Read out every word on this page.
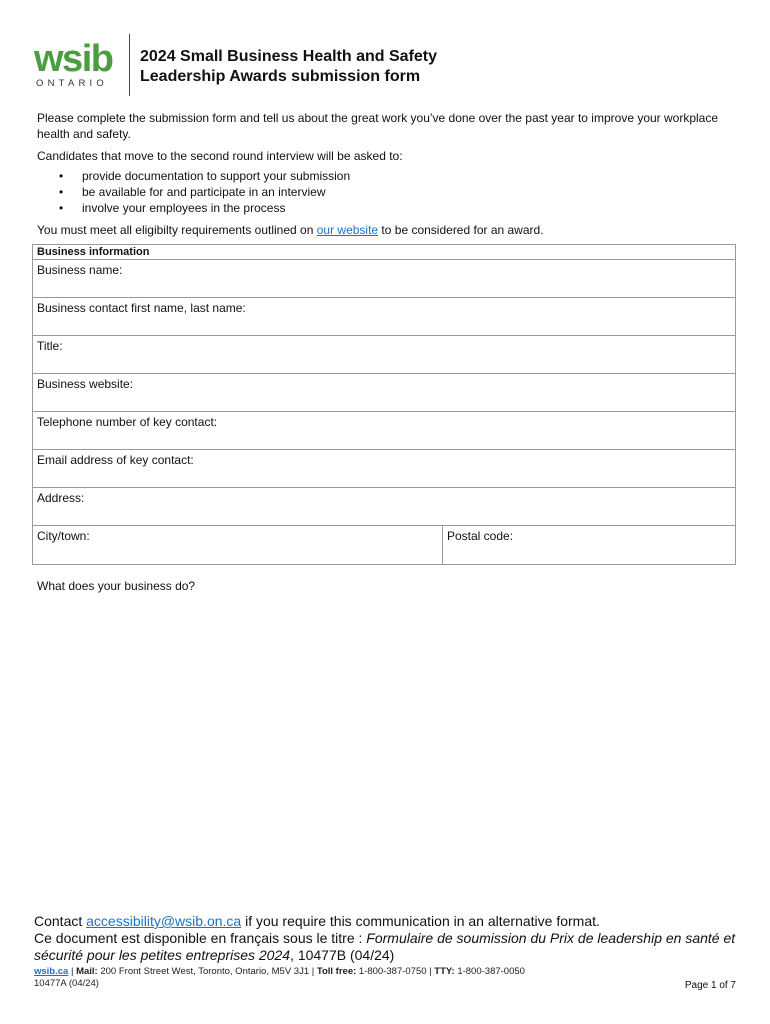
wsib
ONTARIO
2024 Small Business Health and Safety
Leadership Awards submission form

Please complete the submission form and tell us about the great work you’ve done over the past year to improve your workplace health and safety.

Candidates that move to the second round interview will be asked to:

• provide documentation to support your submission
• be available for and participate in an interview
• involve your employees in the process

You must meet all eligibilty requirements outlined on our website to be considered for an award.

Business information
Business name:
Business contact first name, last name:
Title:
Business website:
Telephone number of key contact:
Email address of key contact:
Address:
City/town:	Postal code:
What does your business do?

Contact accessibility@wsib.on.ca if you require this communication in an alternative format.

Ce document est disponible en français sous le titre : Formulaire de soumission du Prix de leadership en santé et sécurité pour les petites entreprises 2024, 10477B (04/24)

wsib.ca | Mail: 200 Front Street West, Toronto, Ontario, M5V 3J1 | Toll free: 1-800-387-0750 | TTY: 1-800-387-0050
10477A (04/24)	Page 1 of 7
